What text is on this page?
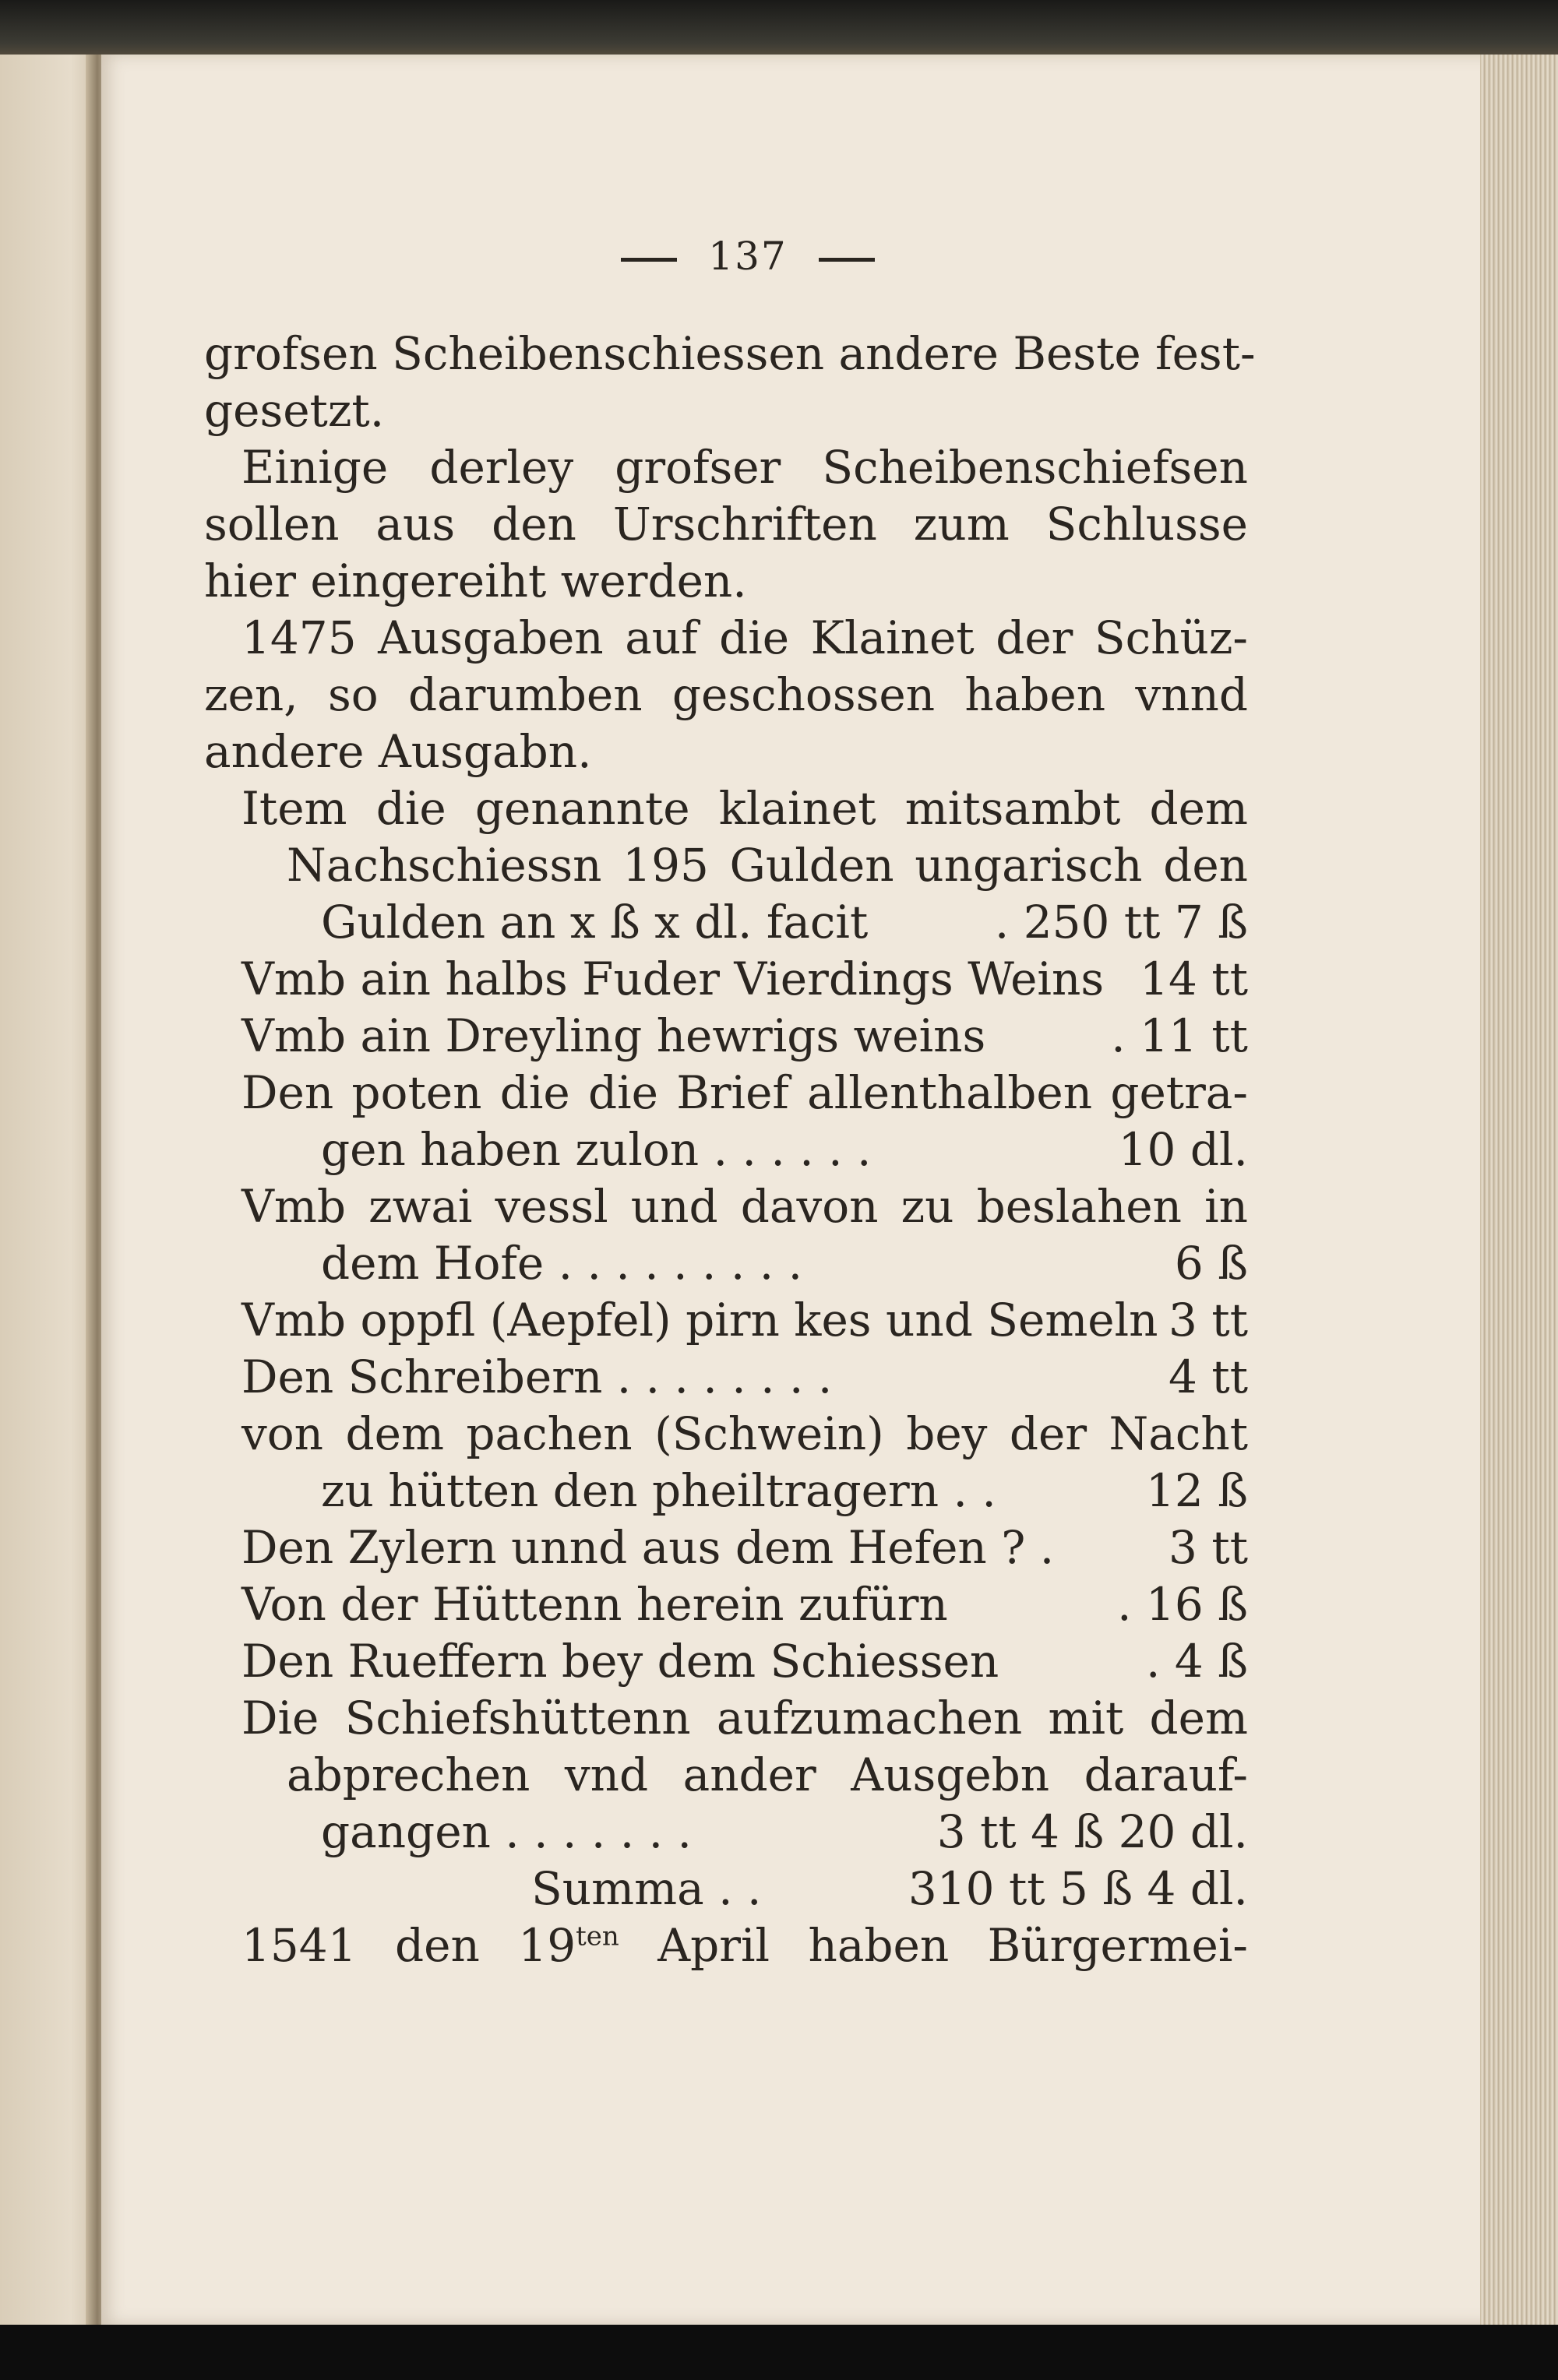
137
grofsen Scheibenschiessen andere Beste fest-
gesetzt.
Einige derley grofser Scheibenschiefsen
sollen aus den Urschriften zum Schlusse
hier eingereiht werden.
1475 Ausgaben auf die Klainet der Schüz-
zen, so darumben geschossen haben vnnd
andere Ausgabn.
Item die genannte klainet mitsambt dem
Nachschiessn 195 Gulden ungarisch den
Gulden an x ß x dl. facit	. 250 tt 7 ß
Vmb ain halbs Fuder Vierdings Weins 14 tt
Vmb ain Dreyling hewrigs weins	. 11 tt
Den poten die die Brief allenthalben getra-
gen haben zulon . . . . . .	10 dl.
Vmb zwai vessl und davon zu beslahen in
dem Hofe . . . . . . . . .	6 ß
Vmb oppfl (Aepfel) pirn kes und Semeln 3 tt
Den Schreibern . . . . . . . .	4 tt
von dem pachen (Schwein) bey der Nacht
zu hütten den pheiltragern . .	12 ß
Den Zylern unnd aus dem Hefen ? .	3 tt
Von der Hüttenn herein zufürn	. 16 ß
Den Rueffern bey dem Schiessen	. 4 ß
Die Schiefshüttenn aufzumachen mit dem
abprechen vnd ander Ausgebn darauf-
gangen . . . . . . .	3 tt 4 ß 20 dl.
Summa . .	310 tt 5 ß 4 dl.
1541 den $19^{ten}$ April haben Bürgermei-
